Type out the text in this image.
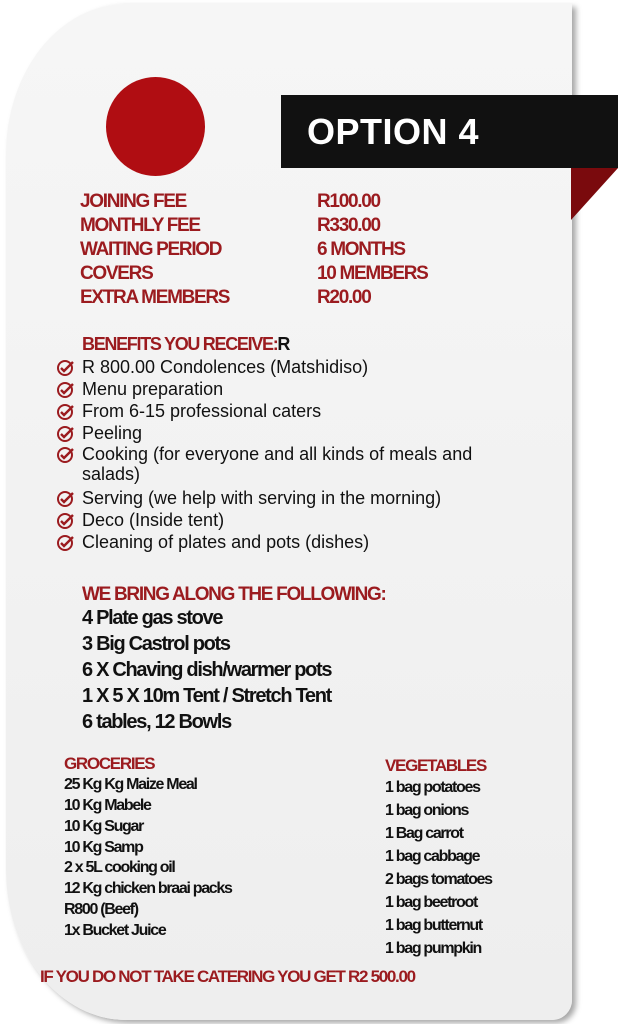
OPTION 4
JOINING FEE	R100.00
MONTHLY FEE	R330.00
WAITING PERIOD	6 MONTHS
COVERS	10 MEMBERS
EXTRA MEMBERS	R20.00
BENEFITS YOU RECEIVE:R
R 800.00 Condolences (Matshidiso)
Menu preparation
From 6-15 professional caters
Peeling
Cooking (for everyone and all kinds of meals and salads)
Serving (we help with serving in the morning)
Deco (Inside tent)
Cleaning of plates and pots (dishes)
WE BRING ALONG THE FOLLOWING:
4 Plate gas stove
3 Big Castrol pots
6 X Chaving dish/warmer pots
1 X 5 X 10m Tent / Stretch Tent
6 tables, 12 Bowls
GROCERIES
25 Kg Kg Maize Meal
10 Kg Mabele
10 Kg Sugar
10 Kg Samp
2 x 5L cooking oil
12 Kg chicken braai packs
R800 (Beef)
1x Bucket Juice
VEGETABLES
1 bag potatoes
1 bag onions
1 Bag carrot
1 bag cabbage
2 bags tomatoes
1 bag beetroot
1 bag butternut
1 bag pumpkin
IF YOU DO NOT TAKE CATERING YOU GET R2 500.00
